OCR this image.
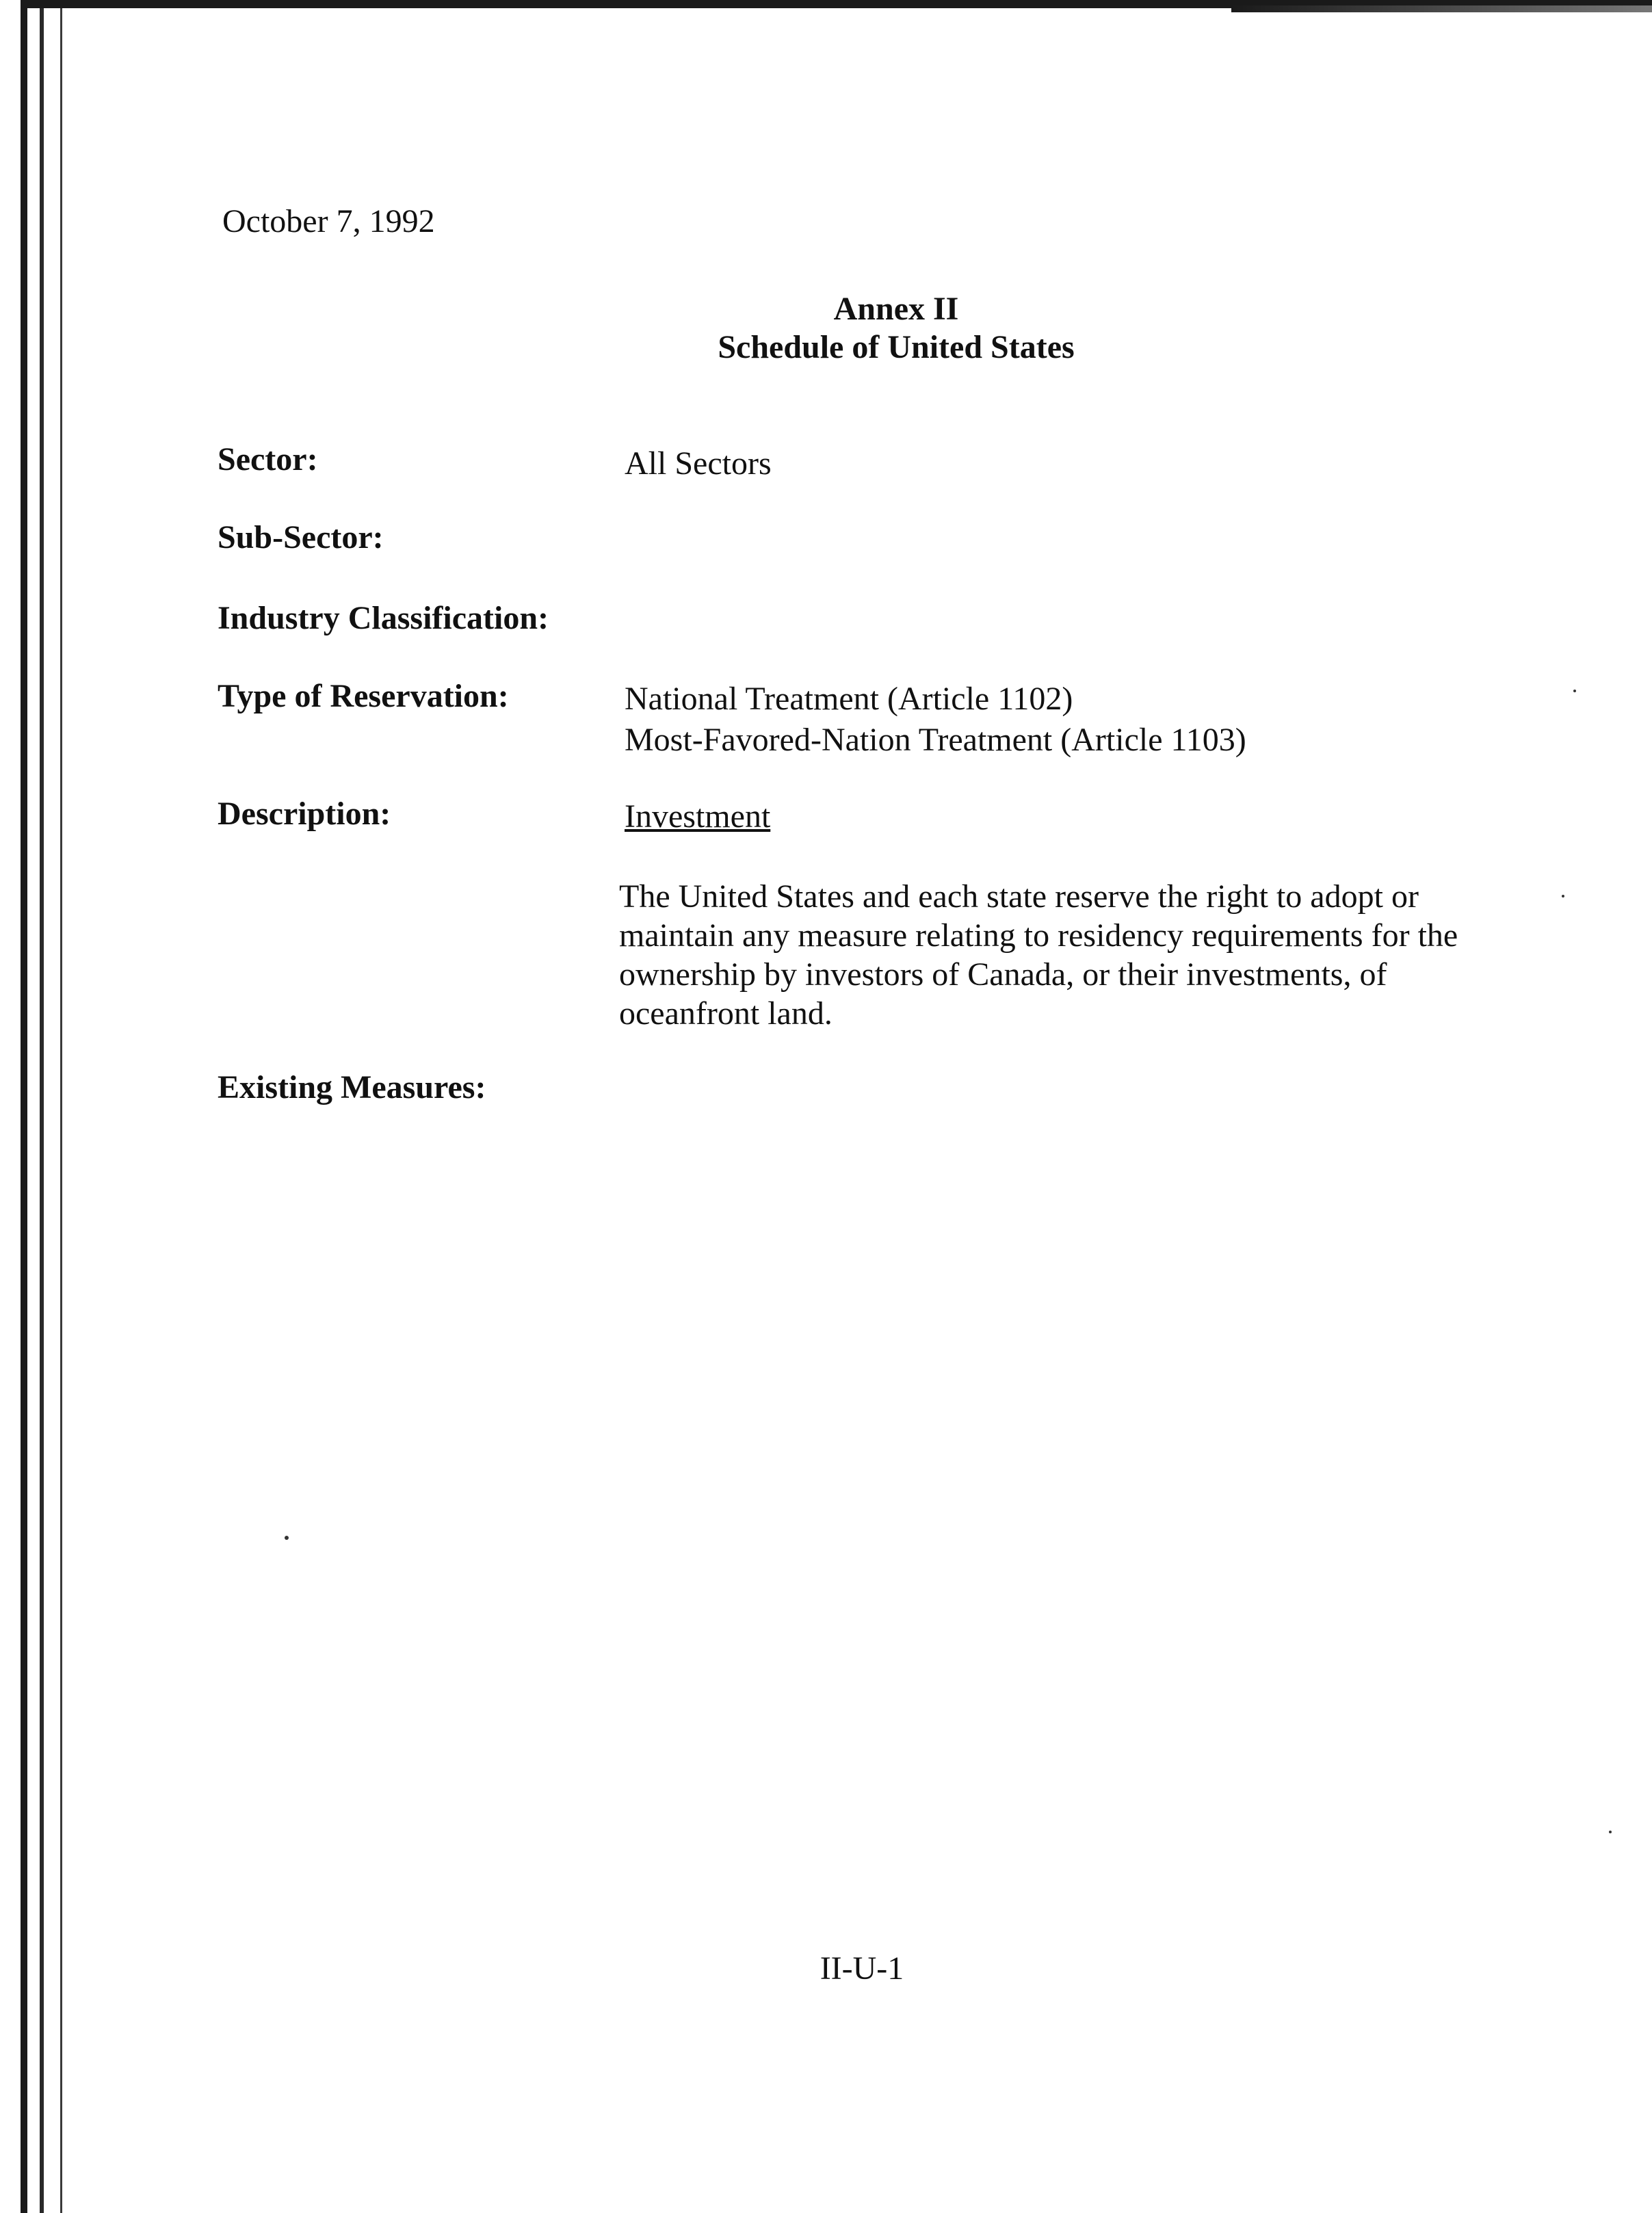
October 7, 1992
Annex II
Schedule of United States
Sector:	All Sectors
Sub-Sector:
Industry Classification:
Type of Reservation:	National Treatment (Article 1102)
Most-Favored-Nation Treatment (Article 1103)
Description:	Investment
The United States and each state reserve the right to adopt or
maintain any measure relating to residency requirements for the
ownership by investors of Canada, or their investments, of
oceanfront land.
Existing Measures:
II-U-1
